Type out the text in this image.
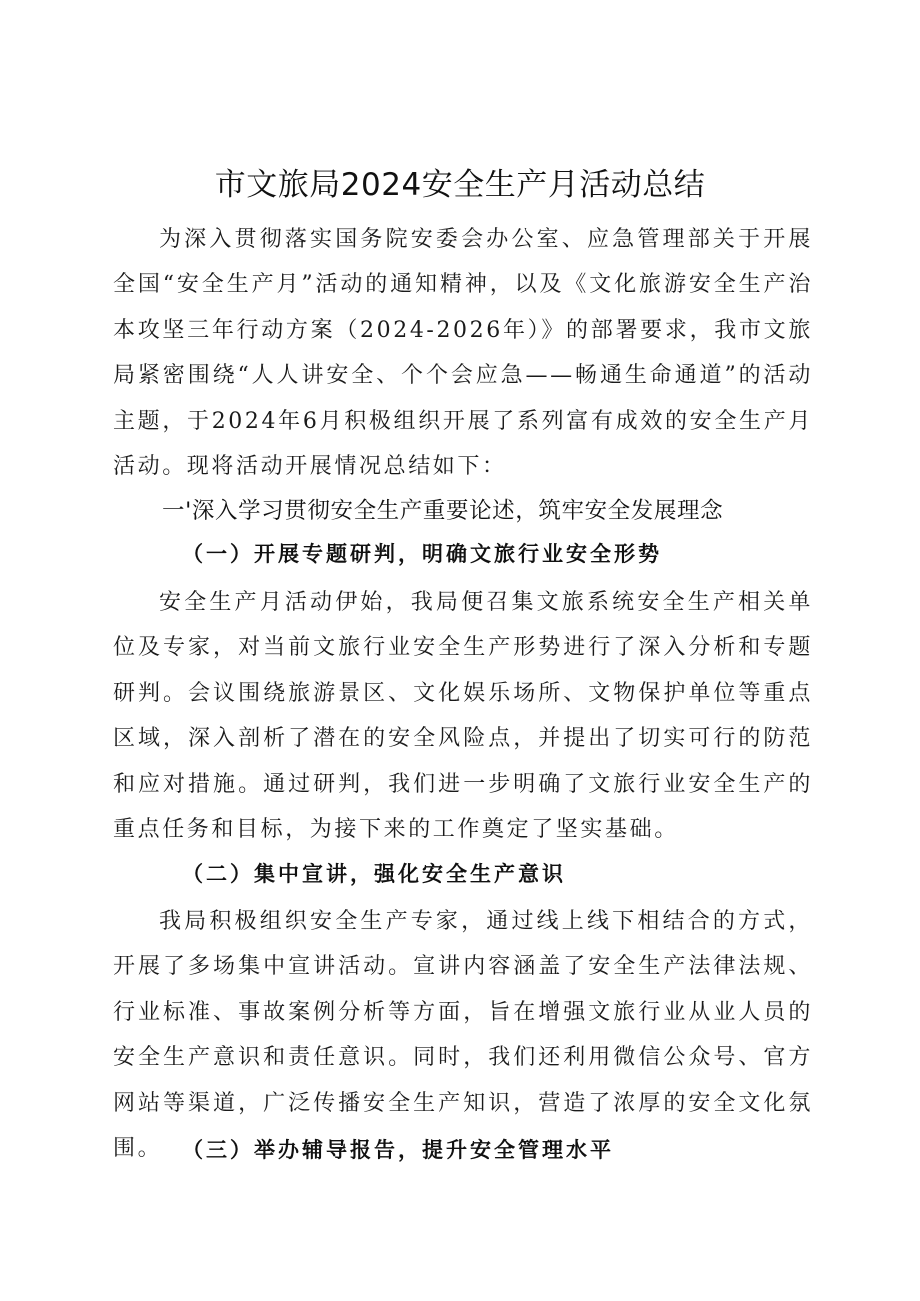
市文旅局2024安全生产月活动总结
为深入贯彻落实国务院安委会办公室、应急管理部关于开展全国“安全生产月”活动的通知精神，以及《文化旅游安全生产治本攻坚三年行动方案（2024-2026年）》的部署要求，我市文旅局紧密围绕“人人讲安全、个个会应急——畅通生命通道”的活动主题，于2024年6月积极组织开展了系列富有成效的安全生产月活动。现将活动开展情况总结如下：
一'深入学习贯彻安全生产重要论述，筑牢安全发展理念
（一）开展专题研判，明确文旅行业安全形势
安全生产月活动伊始，我局便召集文旅系统安全生产相关单位及专家，对当前文旅行业安全生产形势进行了深入分析和专题研判。会议围绕旅游景区、文化娱乐场所、文物保护单位等重点区域，深入剖析了潜在的安全风险点，并提出了切实可行的防范和应对措施。通过研判，我们进一步明确了文旅行业安全生产的重点任务和目标，为接下来的工作奠定了坚实基础。
（二）集中宣讲，强化安全生产意识
我局积极组织安全生产专家，通过线上线下相结合的方式，开展了多场集中宣讲活动。宣讲内容涵盖了安全生产法律法规、行业标准、事故案例分析等方面，旨在增强文旅行业从业人员的安全生产意识和责任意识。同时，我们还利用微信公众号、官方网站等渠道，广泛传播安全生产知识，营造了浓厚的安全文化氛围。 （三）举办辅导报告，提升安全管理水平
